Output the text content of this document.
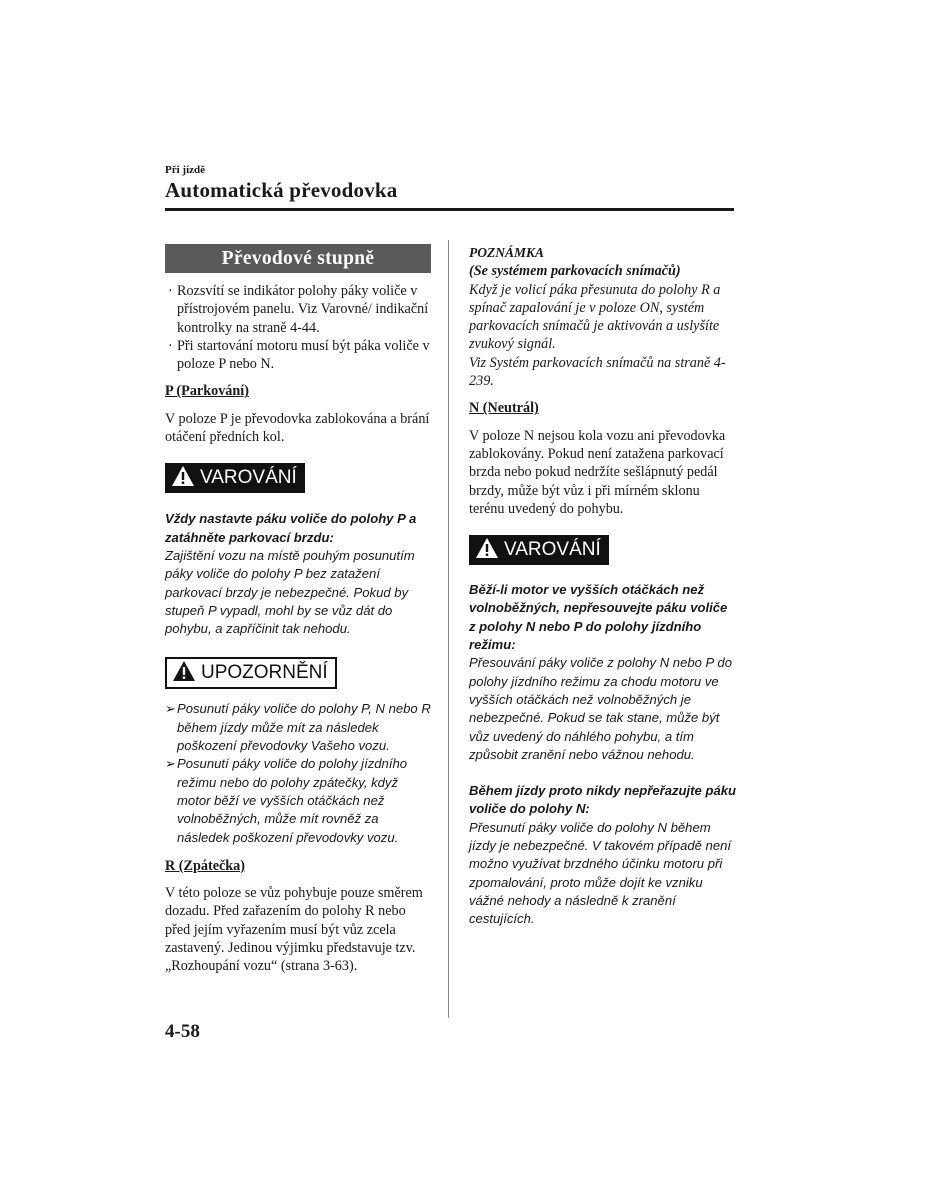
Při jízdě
Automatická převodovka
Převodové stupně
· Rozsvítí se indikátor polohy páky voliče v přístrojovém panelu. Viz Varovné/ indikační kontrolky na straně 4-44.
· Při startování motoru musí být páka voliče v poloze P nebo N.
P (Parkování)
V poloze P je převodovka zablokována a brání otáčení předních kol.
VAROVÁNÍ
Vždy nastavte páku voliče do polohy P a zatáhněte parkovací brzdu:
Zajištění vozu na místě pouhým posunutím páky voliče do polohy P bez zatažení parkovací brzdy je nebezpečné. Pokud by stupeň P vypadl, mohl by se vůz dát do pohybu, a zapříčinit tak nehodu.
UPOZORNĚNÍ
➢ Posunutí páky voliče do polohy P, N nebo R během jízdy může mít za následek poškození převodovky Vašeho vozu.
➢ Posunutí páky voliče do polohy jízdního režimu nebo do polohy zpátečky, když motor běží ve vyšších otáčkách než volnoběžných, může mít rovněž za následek poškození převodovky vozu.
R (Zpátečka)
V této poloze se vůz pohybuje pouze směrem dozadu. Před zařazením do polohy R nebo před jejím vyřazením musí být vůz zcela zastavený. Jedinou výjimku představuje tzv. „Rozhoupání vozu“ (strana 3-63).
POZNÁMKA
(Se systémem parkovacích snímačů)
Když je volicí páka přesunuta do polohy R a spínač zapalování je v poloze ON, systém parkovacích snímačů je aktivován a uslyšíte zvukový signál.
Viz Systém parkovacích snímačů na straně 4-239.
N (Neutrál)
V poloze N nejsou kola vozu ani převodovka zablokovány. Pokud není zatažena parkovací brzda nebo pokud nedržíte sešlápnutý pedál brzdy, může být vůz i při mírném sklonu terénu uvedený do pohybu.
VAROVÁNÍ
Běží-li motor ve vyšších otáčkách než volnoběžných, nepřesouvejte páku voliče z polohy N nebo P do polohy jízdního režimu:
Přesouvání páky voliče z polohy N nebo P do polohy jízdního režimu za chodu motoru ve vyšších otáčkách než volnoběžných je nebezpečné. Pokud se tak stane, může být vůz uvedený do náhlého pohybu, a tím způsobit zranění nebo vážnou nehodu.
Během jízdy proto nikdy nepřeřazujte páku voliče do polohy N:
Přesunutí páky voliče do polohy N během jízdy je nebezpečné. V takovém případě není možno využívat brzdného účinku motoru při zpomalování, proto může dojít ke vzniku vážné nehody a následně k zranění cestujících.
4-58
